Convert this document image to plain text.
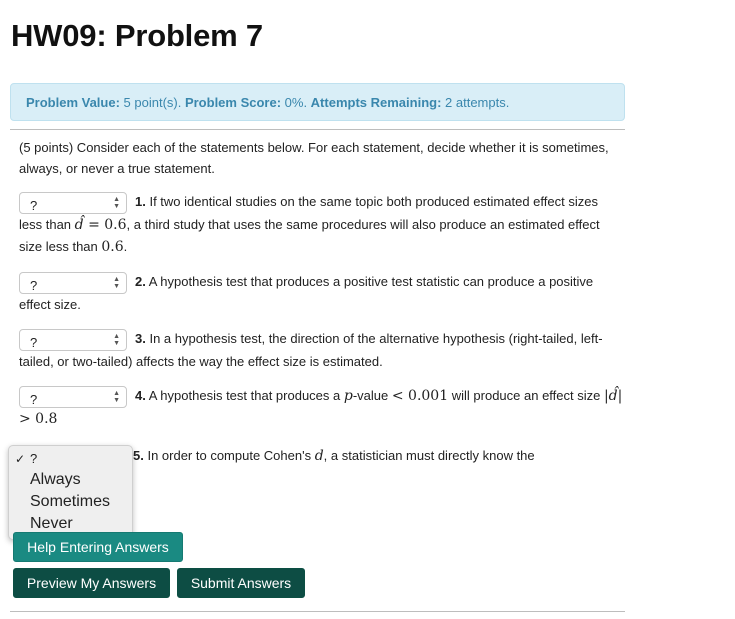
HW09: Problem 7
Problem Value: 5 point(s). Problem Score: 0%. Attempts Remaining: 2 attempts.
(5 points) Consider each of the statements below. For each statement, decide whether it is sometimes, always, or never a true statement.
?	▲
▼ 1. If two identical studies on the same topic both produced estimated effect sizes less than d̂ = 0.6, a third study that uses the same procedures will also produce an estimated effect size less than 0.6.
?	▲
▼ 2. A hypothesis test that produces a positive test statistic can produce a positive effect size.
?	▲
▼ 3. In a hypothesis test, the direction of the alternative hypothesis (right-tailed, left-tailed, or two-tailed) affects the way the effect size is estimated.
?	▲
▼ 4. A hypothesis test that produces a p-value < 0.001 will produce an effect size |d̂| > 0.8
5. In order to compute Cohen's d, a statistician must directly know the
✓ ?
Always
Sometimes
Never
Help Entering Answers
Preview My Answers	Submit Answers
